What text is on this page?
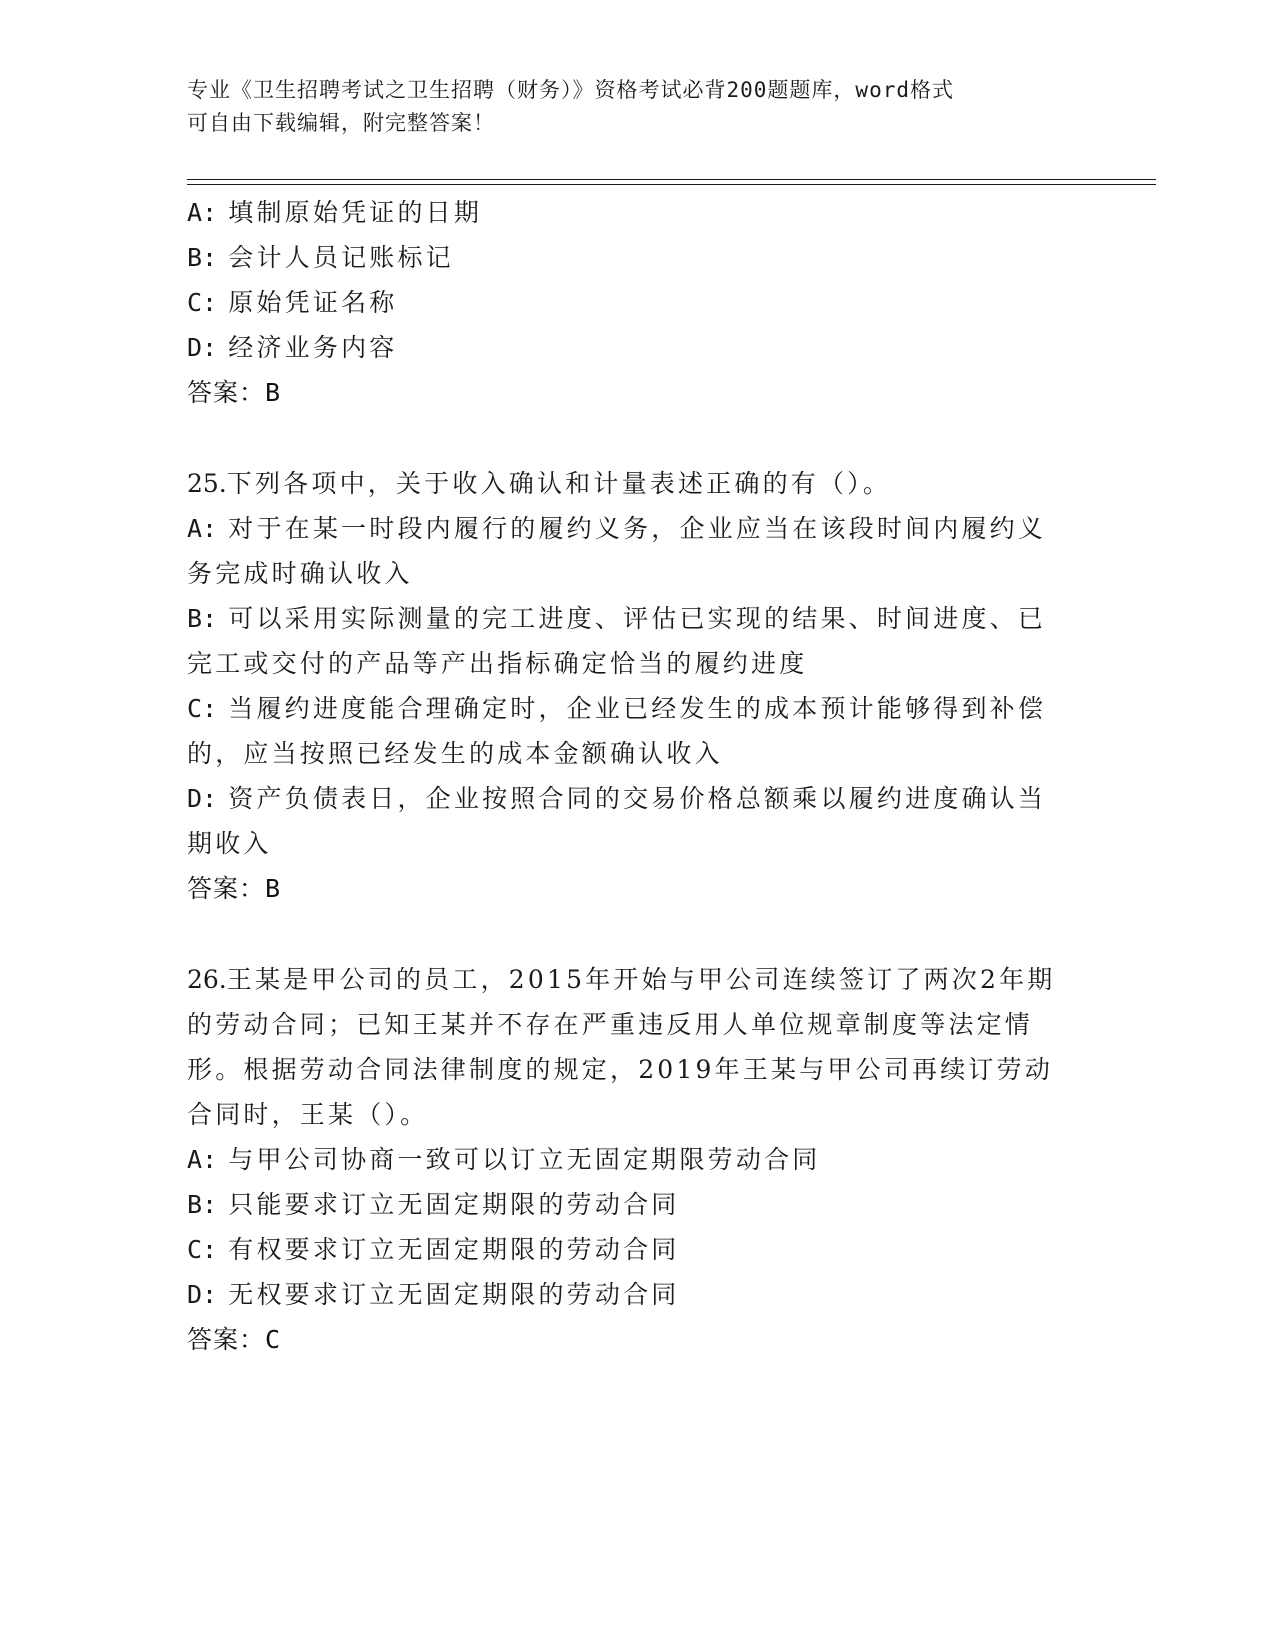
专业《卫生招聘考试之卫生招聘（财务）》资格考试必背200题题库，word格式
可自由下载编辑，附完整答案！
A: 填制原始凭证的日期
B: 会计人员记账标记
C: 原始凭证名称
D: 经济业务内容
答案：B
25.下列各项中，关于收入确认和计量表述正确的有（）。
A: 对于在某一时段内履行的履约义务，企业应当在该段时间内履约义
务完成时确认收入
B: 可以采用实际测量的完工进度、评估已实现的结果、时间进度、已
完工或交付的产品等产出指标确定恰当的履约进度
C: 当履约进度能合理确定时，企业已经发生的成本预计能够得到补偿
的，应当按照已经发生的成本金额确认收入
D: 资产负债表日，企业按照合同的交易价格总额乘以履约进度确认当
期收入
答案：B
26.王某是甲公司的员工，2015年开始与甲公司连续签订了两次2年期
的劳动合同；已知王某并不存在严重违反用人单位规章制度等法定情
形。根据劳动合同法律制度的规定，2019年王某与甲公司再续订劳动
合同时，王某（）。
A: 与甲公司协商一致可以订立无固定期限劳动合同
B: 只能要求订立无固定期限的劳动合同
C: 有权要求订立无固定期限的劳动合同
D: 无权要求订立无固定期限的劳动合同
答案：C
